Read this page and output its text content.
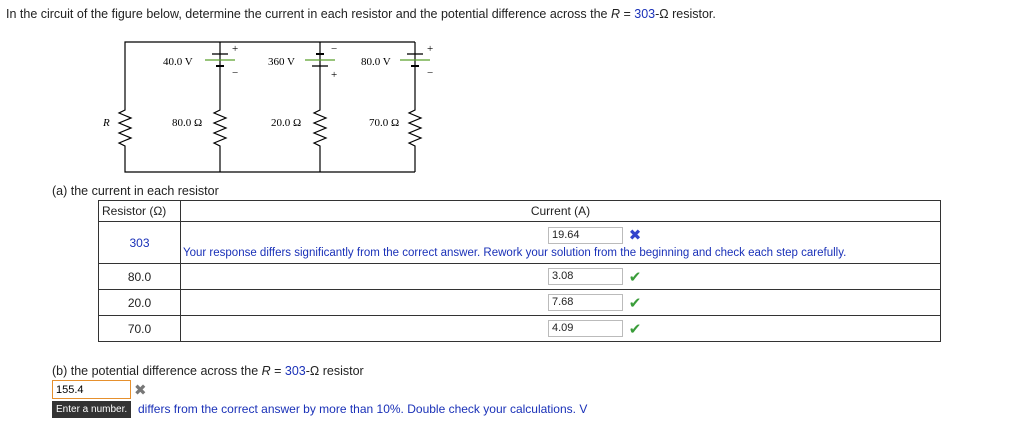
In the circuit of the figure below, determine the current in each resistor and the potential difference across the R = 303-Ω resistor.
+
−
−
+
+
−
40.0 V	360 V	80.0 V
R	80.0 Ω	20.0 Ω	70.0 Ω
(a) the current in each resistor
Resistor (Ω)	Current (A)
303	19.64 ✖
Your response differs significantly from the correct answer. Rework your solution from the beginning and check each step carefully.

80.0	3.08 ✔
20.0	7.68 ✔
70.0	4.09 ✔
(b) the potential difference across the R = 303-Ω resistor
155.4
✖
Enter a number. differs from the correct answer by more than 10%. Double check your calculations. V
